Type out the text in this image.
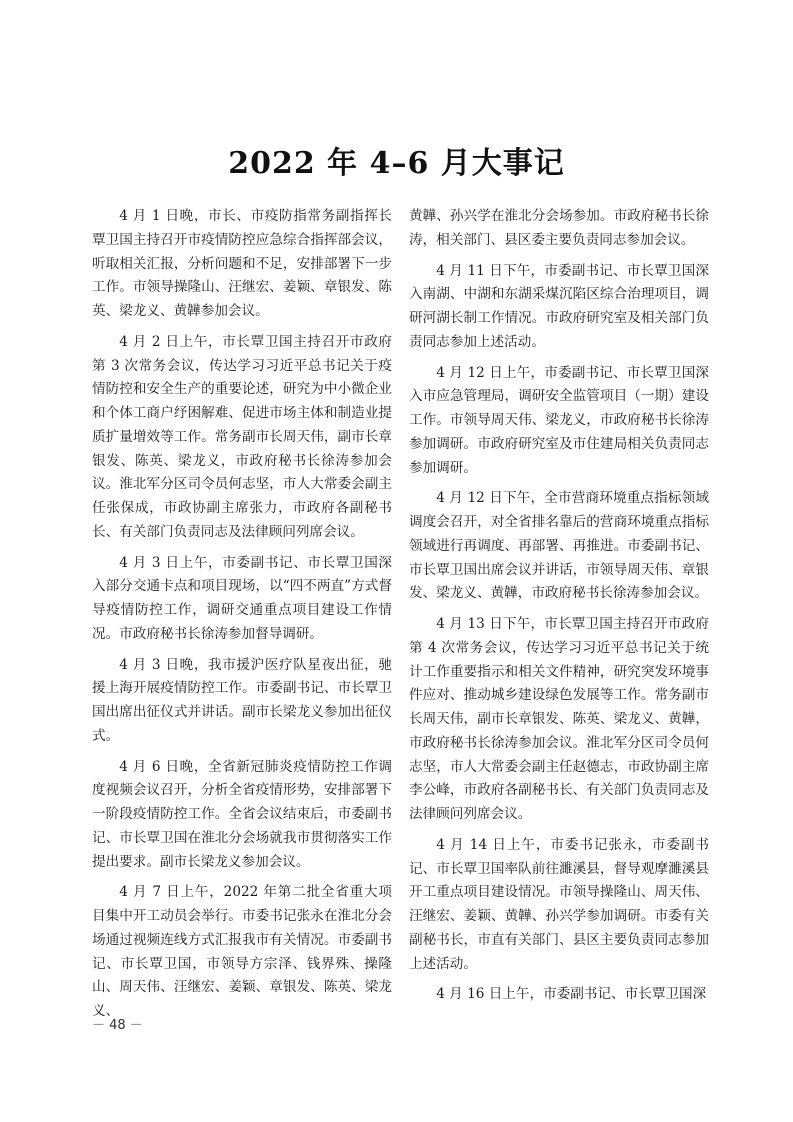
2022 年 4–6 月大事记

4 月 1 日晚，市长、市疫防指常务副指挥长覃卫国主持召开市疫情防控应急综合指挥部会议，听取相关汇报，分析问题和不足，安排部署下一步工作。市领导操隆山、汪继宏、姜颖、章银发、陈英、梁龙义、黄韡参加会议。

4 月 2 日上午，市长覃卫国主持召开市政府第 3 次常务会议，传达学习习近平总书记关于疫情防控和安全生产的重要论述，研究为中小微企业和个体工商户纾困解难、促进市场主体和制造业提质扩量增效等工作。常务副市长周天伟，副市长章银发、陈英、梁龙义，市政府秘书长徐涛参加会议。淮北军分区司令员何志坚，市人大常委会副主任张保成，市政协副主席张力，市政府各副秘书长、有关部门负责同志及法律顾问列席会议。

4 月 3 日上午，市委副书记、市长覃卫国深入部分交通卡点和项目现场，以“四不两直”方式督导疫情防控工作，调研交通重点项目建设工作情况。市政府秘书长徐涛参加督导调研。

4 月 3 日晚，我市援沪医疗队星夜出征，驰援上海开展疫情防控工作。市委副书记、市长覃卫国出席出征仪式并讲话。副市长梁龙义参加出征仪式。

4 月 6 日晚，全省新冠肺炎疫情防控工作调度视频会议召开，分析全省疫情形势，安排部署下一阶段疫情防控工作。全省会议结束后，市委副书记、市长覃卫国在淮北分会场就我市贯彻落实工作提出要求。副市长梁龙义参加会议。

4 月 7 日上午，2022 年第二批全省重大项目集中开工动员会举行。市委书记张永在淮北分会场通过视频连线方式汇报我市有关情况。市委副书记、市长覃卫国，市领导方宗泽、钱界殊、操隆山、周天伟、汪继宏、姜颖、章银发、陈英、梁龙义、

黄韡、孙兴学在淮北分会场参加。市政府秘书长徐涛，相关部门、县区委主要负责同志参加会议。

4 月 11 日下午，市委副书记、市长覃卫国深入南湖、中湖和东湖采煤沉陷区综合治理项目，调研河湖长制工作情况。市政府研究室及相关部门负责同志参加上述活动。

4 月 12 日上午，市委副书记、市长覃卫国深入市应急管理局，调研安全监管项目（一期）建设工作。市领导周天伟、梁龙义，市政府秘书长徐涛参加调研。市政府研究室及市住建局相关负责同志参加调研。

4 月 12 日下午，全市营商环境重点指标领域调度会召开，对全省排名靠后的营商环境重点指标领域进行再调度、再部署、再推进。市委副书记、市长覃卫国出席会议并讲话，市领导周天伟、章银发、梁龙义、黄韡，市政府秘书长徐涛参加会议。

4 月 13 日下午，市长覃卫国主持召开市政府第 4 次常务会议，传达学习习近平总书记关于统计工作重要指示和相关文件精神，研究突发环境事件应对、推动城乡建设绿色发展等工作。常务副市长周天伟，副市长章银发、陈英、梁龙义、黄韡，市政府秘书长徐涛参加会议。淮北军分区司令员何志坚，市人大常委会副主任赵德志，市政协副主席李公峰，市政府各副秘书长、有关部门负责同志及法律顾问列席会议。

4 月 14 日上午，市委书记张永，市委副书记、市长覃卫国率队前往濉溪县，督导观摩濉溪县开工重点项目建设情况。市领导操隆山、周天伟、汪继宏、姜颖、黄韡、孙兴学参加调研。市委有关副秘书长，市直有关部门、县区主要负责同志参加上述活动。

4 月 16 日上午，市委副书记、市长覃卫国深

－ 48 －
